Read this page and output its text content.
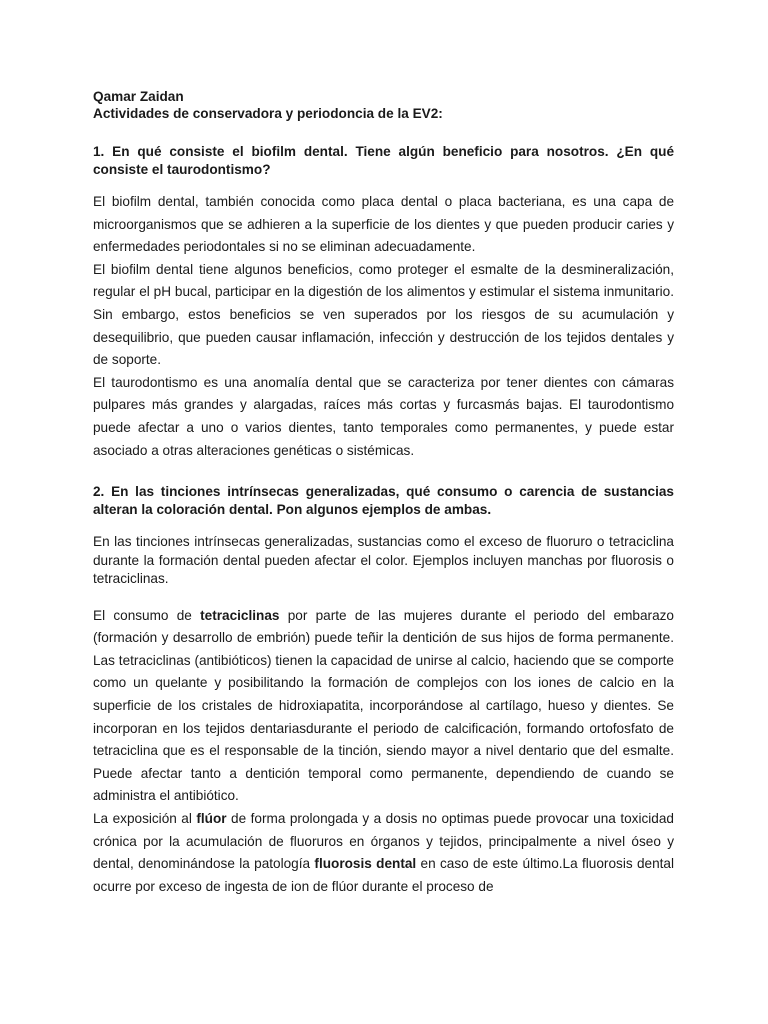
Qamar Zaidan

Actividades de conservadora y periodoncia de la EV2:

1. En qué consiste el biofilm dental. Tiene algún beneficio para nosotros. ¿En qué consiste el taurodontismo?

El biofilm dental, también conocida como placa dental o placa bacteriana, es una capa de microorganismos que se adhieren a la superficie de los dientes y que pueden producir caries y enfermedades periodontales si no se eliminan adecuadamente.

El biofilm dental tiene algunos beneficios, como proteger el esmalte de la desmineralización, regular el pH bucal, participar en la digestión de los alimentos y estimular el sistema inmunitario. Sin embargo, estos beneficios se ven superados por los riesgos de su acumulación y desequilibrio, que pueden causar inflamación, infección y destrucción de los tejidos dentales y de soporte.

El taurodontismo es una anomalía dental que se caracteriza por tener dientes con cámaras pulpares más grandes y alargadas, raíces más cortas y furcasmás bajas. El taurodontismo puede afectar a uno o varios dientes, tanto temporales como permanentes, y puede estar asociado a otras alteraciones genéticas o sistémicas.

2. En las tinciones intrínsecas generalizadas, qué consumo o carencia de sustancias alteran la coloración dental. Pon algunos ejemplos de ambas.

En las tinciones intrínsecas generalizadas, sustancias como el exceso de fluoruro o tetraciclina durante la formación dental pueden afectar el color. Ejemplos incluyen manchas por fluorosis o tetraciclinas.

El consumo de tetraciclinas por parte de las mujeres durante el periodo del embarazo (formación y desarrollo de embrión) puede teñir la dentición de sus hijos de forma permanente. Las tetraciclinas (antibióticos) tienen la capacidad de unirse al calcio, haciendo que se comporte como un quelante y posibilitando la formación de complejos con los iones de calcio en la superficie de los cristales de hidroxiapatita, incorporándose al cartílago, hueso y dientes. Se incorporan en los tejidos dentariasdurante el periodo de calcificación, formando ortofosfato de tetraciclina que es el responsable de la tinción, siendo mayor a nivel dentario que del esmalte. Puede afectar tanto a dentición temporal como permanente, dependiendo de cuando se administra el antibiótico.

La exposición al flúor de forma prolongada y a dosis no optimas puede provocar una toxicidad crónica por la acumulación de fluoruros en órganos y tejidos, principalmente a nivel óseo y dental, denominándose la patología fluorosis dental en caso de este último.La fluorosis dental ocurre por exceso de ingesta de ion de flúor durante el proceso de
